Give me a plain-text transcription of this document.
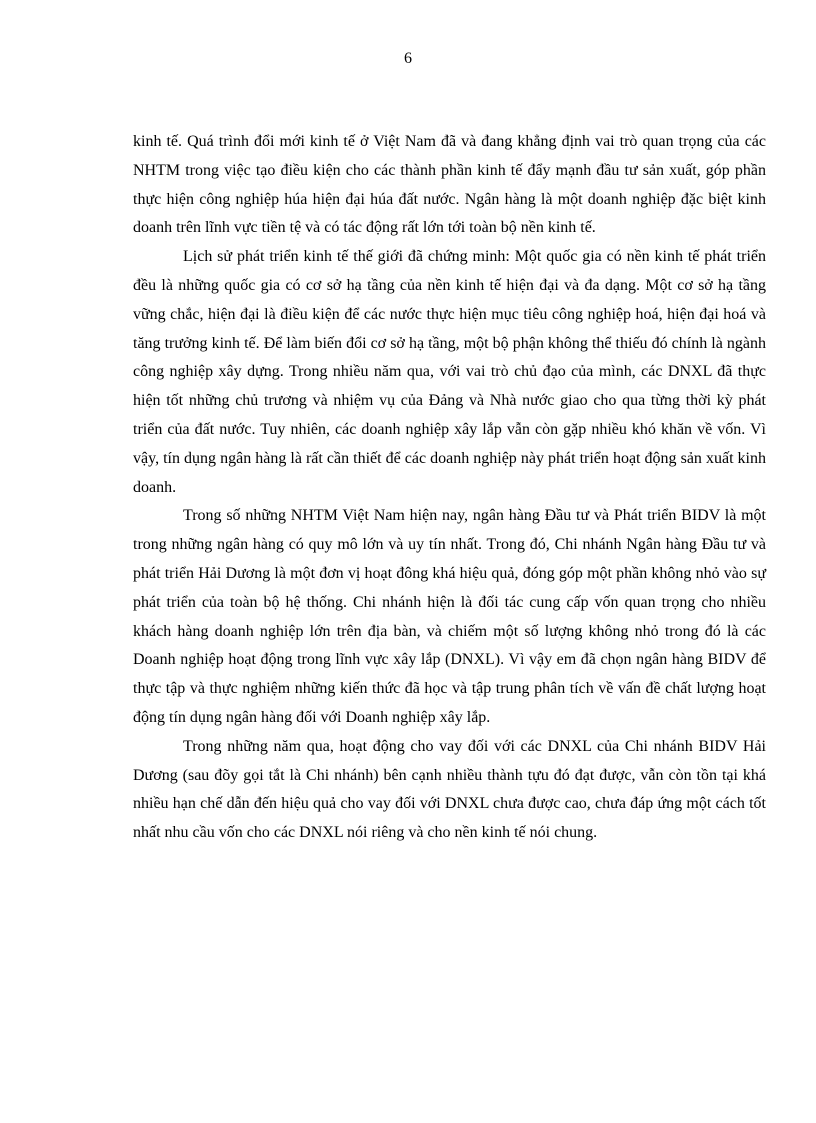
6

kinh tế. Quá trình đổi mới kinh tế ở Việt Nam đã và đang khẳng định vai trò quan trọng của các NHTM trong việc tạo điều kiện cho các thành phần kinh tế đẩy mạnh đầu tư sản xuất, góp phần thực hiện công nghiệp húa hiện đại húa đất nước. Ngân hàng là một doanh nghiệp đặc biệt kinh doanh trên lĩnh vực tiền tệ và có tác động rất lớn tới toàn bộ nền kinh tế.

Lịch sử phát triển kinh tế thế giới đã chứng minh: Một quốc gia có nền kinh tế phát triển đều là những quốc gia có cơ sở hạ tầng của nền kinh tế hiện đại và đa dạng. Một cơ sở hạ tầng vững chắc, hiện đại là điều kiện để các nước thực hiện mục tiêu công nghiệp hoá, hiện đại hoá và tăng trưởng kinh tế. Để làm biến đổi cơ sở hạ tầng, một bộ phận không thể thiếu đó chính là ngành công nghiệp xây dựng. Trong nhiều năm qua, với vai trò chủ đạo của mình, các DNXL đã thực hiện tốt những chủ trương và nhiệm vụ của Đảng và Nhà nước giao cho qua từng thời kỳ phát triển của đất nước. Tuy nhiên, các doanh nghiệp xây lắp vẫn còn gặp nhiều khó khăn về vốn. Vì vậy, tín dụng ngân hàng là rất cần thiết để các doanh nghiệp này phát triển hoạt động sản xuất kinh doanh.

Trong số những NHTM Việt Nam hiện nay, ngân hàng Đầu tư và Phát triển BIDV là một trong những ngân hàng có quy mô lớn và uy tín nhất. Trong đó, Chi nhánh Ngân hàng Đầu tư và phát triển Hải Dương là một đơn vị hoạt đông khá hiệu quả, đóng góp một phần không nhỏ vào sự phát triển của toàn bộ hệ thống. Chi nhánh hiện là đối tác cung cấp vốn quan trọng cho nhiều khách hàng doanh nghiệp lớn trên địa bàn, và chiếm một số lượng không nhỏ trong đó là các Doanh nghiệp hoạt động trong lĩnh vực xây lắp (DNXL). Vì vậy em đã chọn ngân hàng BIDV để thực tập và thực nghiệm những kiến thức đã học và tập trung phân tích về vấn đề chất lượng hoạt động tín dụng ngân hàng đối với Doanh nghiệp xây lắp.

Trong những năm qua, hoạt động cho vay đối với các DNXL của Chi nhánh BIDV Hải Dương (sau đõy gọi tắt là Chi nhánh) bên cạnh nhiều thành tựu đó đạt được, vẫn còn tồn tại khá nhiều hạn chế dẫn đến hiệu quả cho vay đối với DNXL chưa được cao, chưa đáp ứng một cách tốt nhất nhu cầu vốn cho các DNXL nói riêng và cho nền kinh tế nói chung.
